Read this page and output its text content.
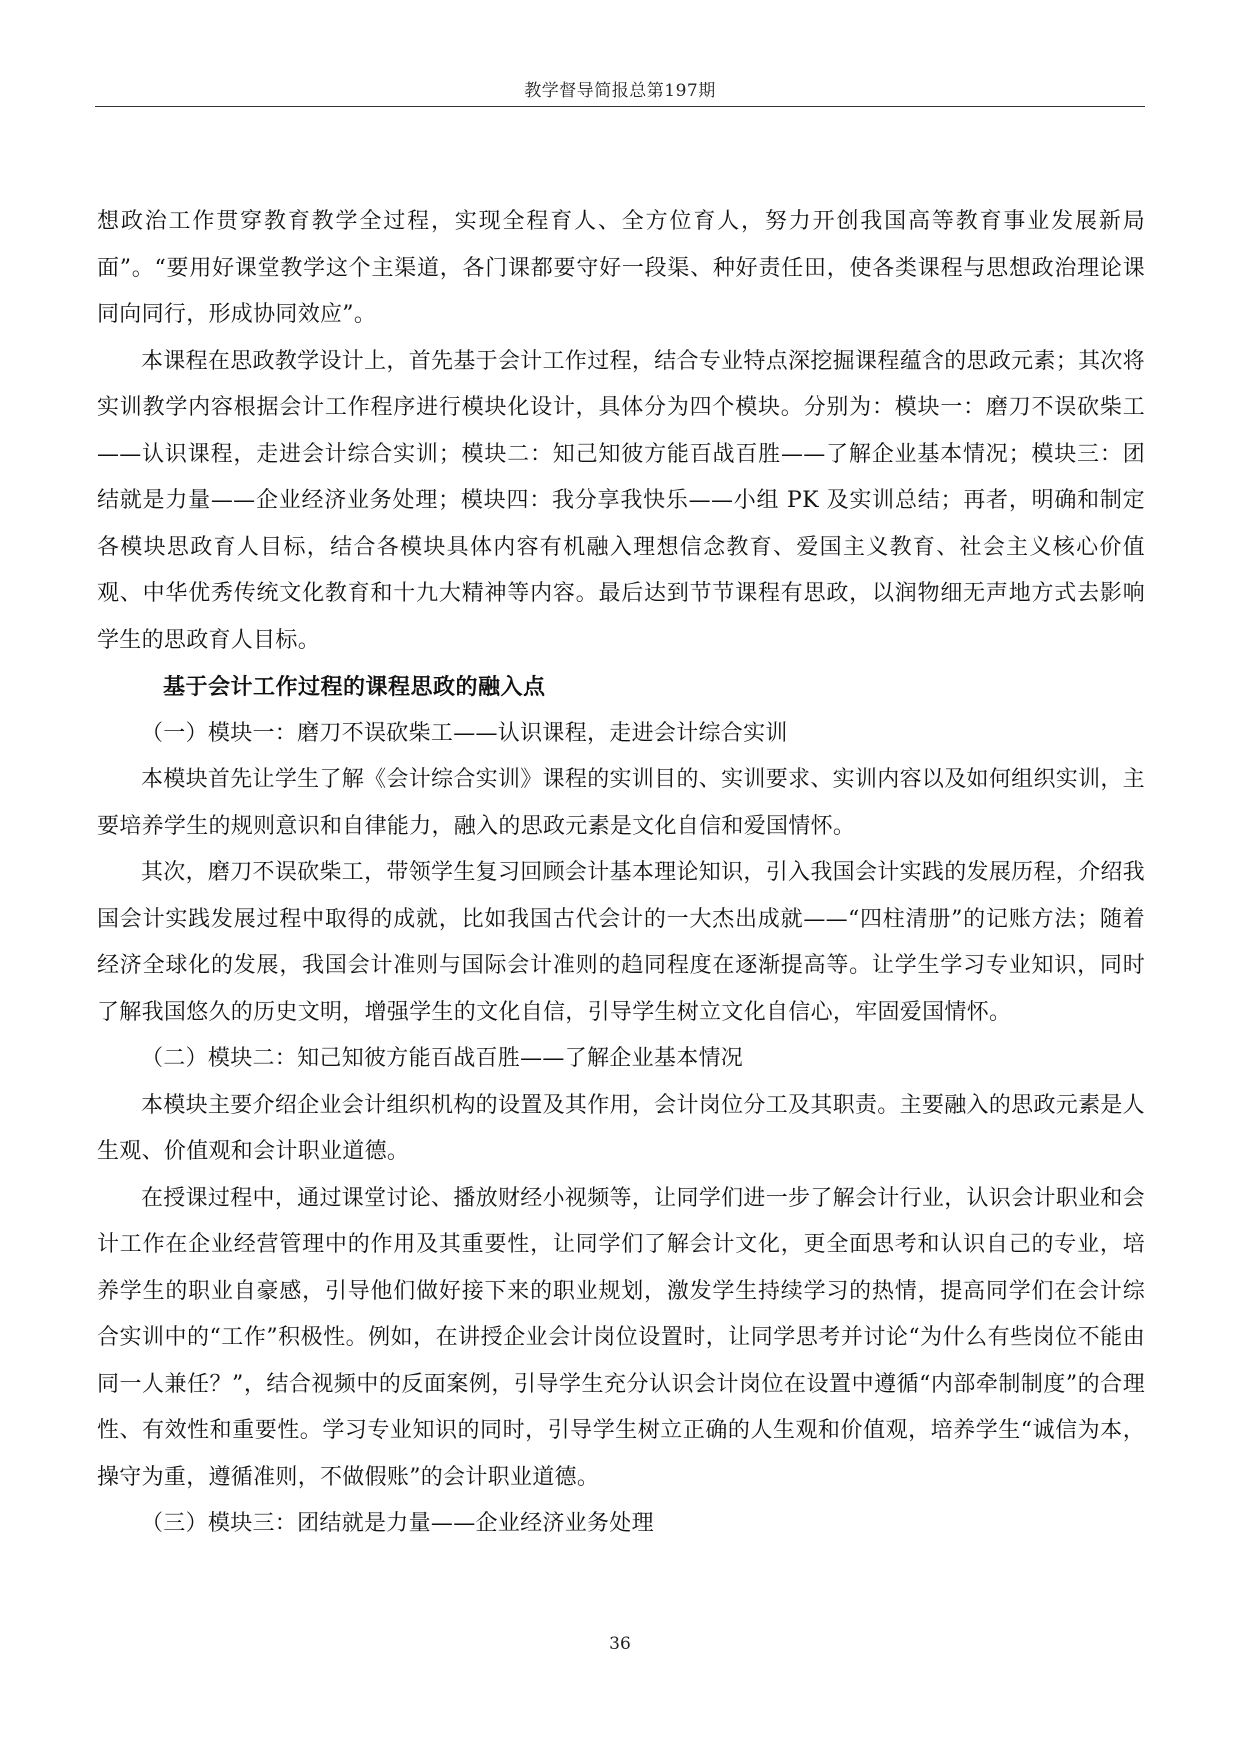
教学督导简报总第197期

想政治工作贯穿教育教学全过程，实现全程育人、全方位育人，努力开创我国高等教育事业发展新局面”。“要用好课堂教学这个主渠道，各门课都要守好一段渠、种好责任田，使各类课程与思想政治理论课同向同行，形成协同效应”。

本课程在思政教学设计上，首先基于会计工作过程，结合专业特点深挖掘课程蕴含的思政元素；其次将实训教学内容根据会计工作程序进行模块化设计，具体分为四个模块。分别为：模块一：磨刀不误砍柴工——认识课程，走进会计综合实训；模块二：知己知彼方能百战百胜——了解企业基本情况；模块三：团结就是力量——企业经济业务处理；模块四：我分享我快乐——小组 PK 及实训总结；再者，明确和制定各模块思政育人目标，结合各模块具体内容有机融入理想信念教育、爱国主义教育、社会主义核心价值观、中华优秀传统文化教育和十九大精神等内容。最后达到节节课程有思政，以润物细无声地方式去影响学生的思政育人目标。

基于会计工作过程的课程思政的融入点

（一）模块一：磨刀不误砍柴工——认识课程，走进会计综合实训

本模块首先让学生了解《会计综合实训》课程的实训目的、实训要求、实训内容以及如何组织实训，主要培养学生的规则意识和自律能力，融入的思政元素是文化自信和爱国情怀。

其次，磨刀不误砍柴工，带领学生复习回顾会计基本理论知识，引入我国会计实践的发展历程，介绍我国会计实践发展过程中取得的成就，比如我国古代会计的一大杰出成就——“四柱清册”的记账方法；随着经济全球化的发展，我国会计准则与国际会计准则的趋同程度在逐渐提高等。让学生学习专业知识，同时了解我国悠久的历史文明，增强学生的文化自信，引导学生树立文化自信心，牢固爱国情怀。

（二）模块二：知己知彼方能百战百胜——了解企业基本情况

本模块主要介绍企业会计组织机构的设置及其作用，会计岗位分工及其职责。主要融入的思政元素是人生观、价值观和会计职业道德。

在授课过程中，通过课堂讨论、播放财经小视频等，让同学们进一步了解会计行业，认识会计职业和会计工作在企业经营管理中的作用及其重要性，让同学们了解会计文化，更全面思考和认识自己的专业，培养学生的职业自豪感，引导他们做好接下来的职业规划，激发学生持续学习的热情，提高同学们在会计综合实训中的“工作”积极性。例如，在讲授企业会计岗位设置时，让同学思考并讨论“为什么有些岗位不能由同一人兼任？”，结合视频中的反面案例，引导学生充分认识会计岗位在设置中遵循“内部牵制制度”的合理性、有效性和重要性。学习专业知识的同时，引导学生树立正确的人生观和价值观，培养学生“诚信为本，操守为重，遵循准则，不做假账”的会计职业道德。

（三）模块三：团结就是力量——企业经济业务处理

36
